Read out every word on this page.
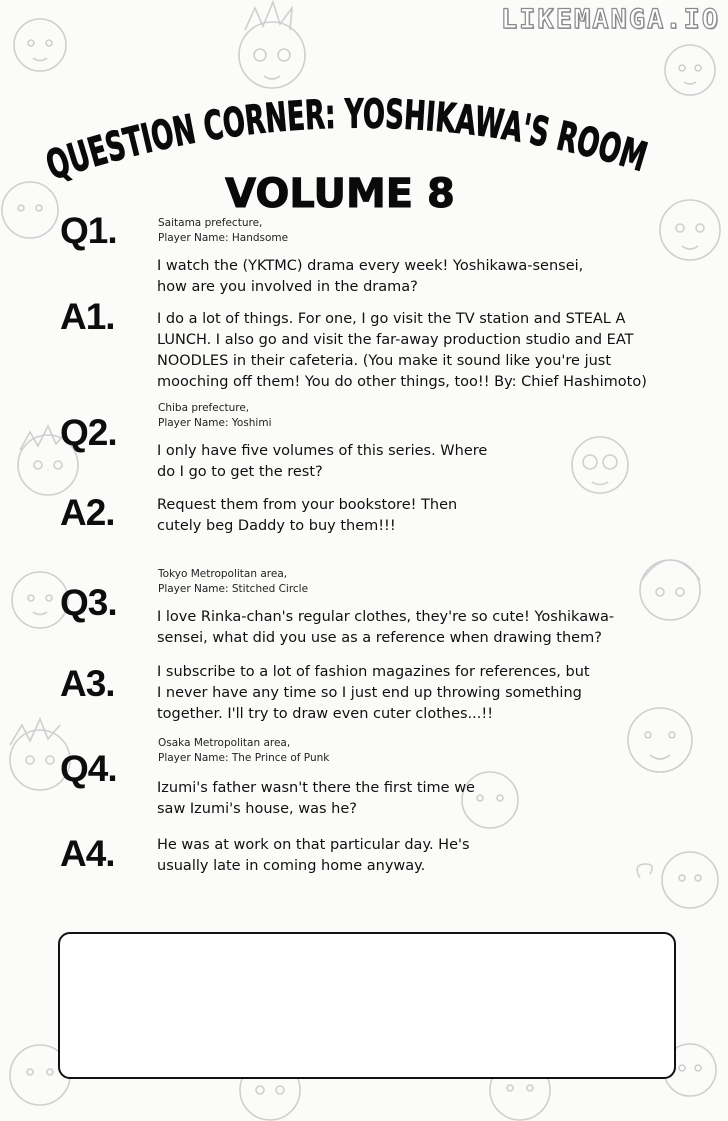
LIKEMANGA.IO
QUESTION CORNER: YOSHIKAWA'S ROOM
VOLUME 8
Q1.	Saitama prefecture,
Player Name: Handsome
I watch the (YKTMC) drama every week! Yoshikawa-sensei,
how are you involved in the drama?
A1.	I do a lot of things. For one, I go visit the TV station and STEAL A
LUNCH. I also go and visit the far-away production studio and EAT
NOODLES in their cafeteria. (You make it sound like you're just
mooching off them! You do other things, too!! By: Chief Hashimoto)
Q2.
Chiba prefecture,
Player Name: Yoshimi
I only have five volumes of this series. Where
do I go to get the rest?
A2.	Request them from your bookstore! Then
cutely beg Daddy to buy them!!!
Q3.
Tokyo Metropolitan area,
Player Name: Stitched Circle
I love Rinka-chan's regular clothes, they're so cute! Yoshikawa-
sensei, what did you use as a reference when drawing them?
A3.	I subscribe to a lot of fashion magazines for references, but
I never have any time so I just end up throwing something
together. I'll try to draw even cuter clothes...!!
Q4.
Osaka Metropolitan area,
Player Name: The Prince of Punk
Izumi's father wasn't there the first time we
saw Izumi's house, was he?
A4.	He was at work on that particular day. He's
usually late in coming home anyway.
